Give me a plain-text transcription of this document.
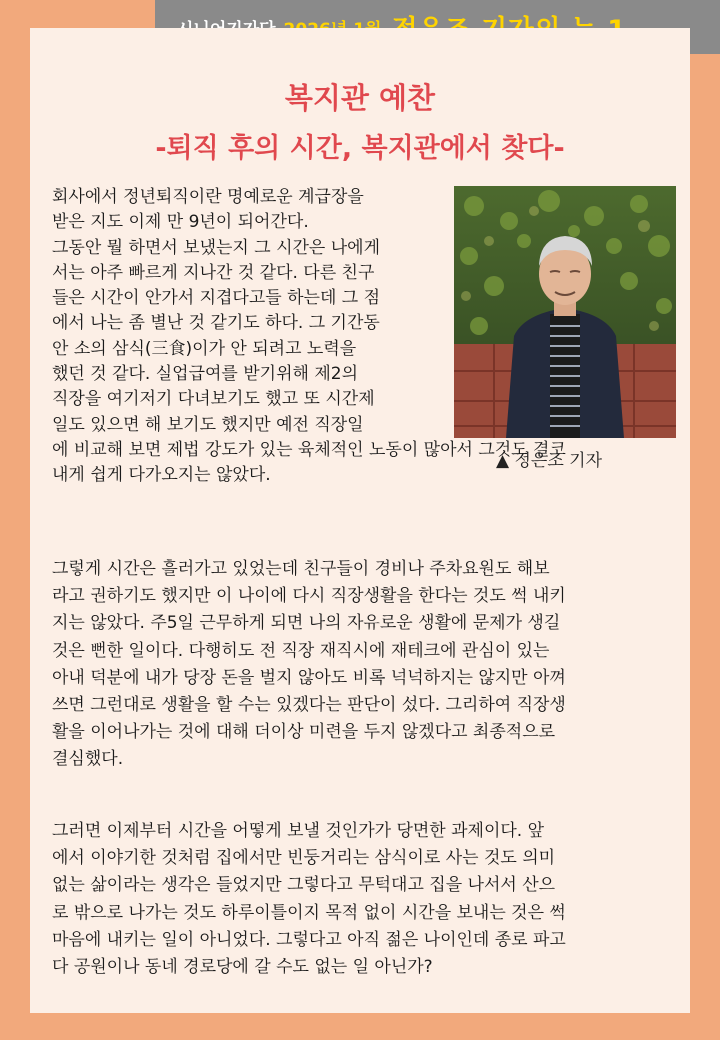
복지관 예찬
-퇴직 후의 시간, 복지관에서 찾다-
▲ 정은조 기자
회사에서 정년퇴직이란 명예로운 계급장을
받은 지도 이제 만 9년이 되어간다.
그동안 뭘 하면서 보냈는지 그 시간은 나에게
서는 아주 빠르게 지나간 것 같다. 다른 친구
들은 시간이 안가서 지겹다고들 하는데 그 점
에서 나는 좀 별난 것 같기도 하다. 그 기간동
안 소의 삼식(三食)이가 안 되려고 노력을
했던 것 같다. 실업급여를 받기위해 제2의
직장을 여기저기 다녀보기도 했고 또 시간제
일도 있으면 해 보기도 했지만 예전 직장일
에 비교해 보면 제법 강도가 있는 육체적인 노동이 많아서 그것도 결코
내게 쉽게 다가오지는 않았다.
그렇게 시간은 흘러가고 있었는데 친구들이 경비나 주차요원도 해보
라고 권하기도 했지만 이 나이에 다시 직장생활을 한다는 것도 썩 내키
지는 않았다. 주5일 근무하게 되면 나의 자유로운 생활에 문제가 생길
것은 뻔한 일이다. 다행히도 전 직장 재직시에 재테크에 관심이 있는
아내 덕분에 내가 당장 돈을 벌지 않아도 비록 넉넉하지는 않지만 아껴
쓰면 그런대로 생활을 할 수는 있겠다는 판단이 섰다. 그리하여 직장생
활을 이어나가는 것에 대해 더이상 미련을 두지 않겠다고 최종적으로
결심했다.
그러면 이제부터 시간을 어떻게 보낼 것인가가 당면한 과제이다. 앞
에서 이야기한 것처럼 집에서만 빈둥거리는 삼식이로 사는 것도 의미
없는 삶이라는 생각은 들었지만 그렇다고 무턱대고 집을 나서서 산으
로 밖으로 나가는 것도 하루이틀이지 목적 없이 시간을 보내는 것은 썩
마음에 내키는 일이 아니었다. 그렇다고 아직 젊은 나이인데 종로 파고
다 공원이나 동네 경로당에 갈 수도 없는 일 아닌가?
